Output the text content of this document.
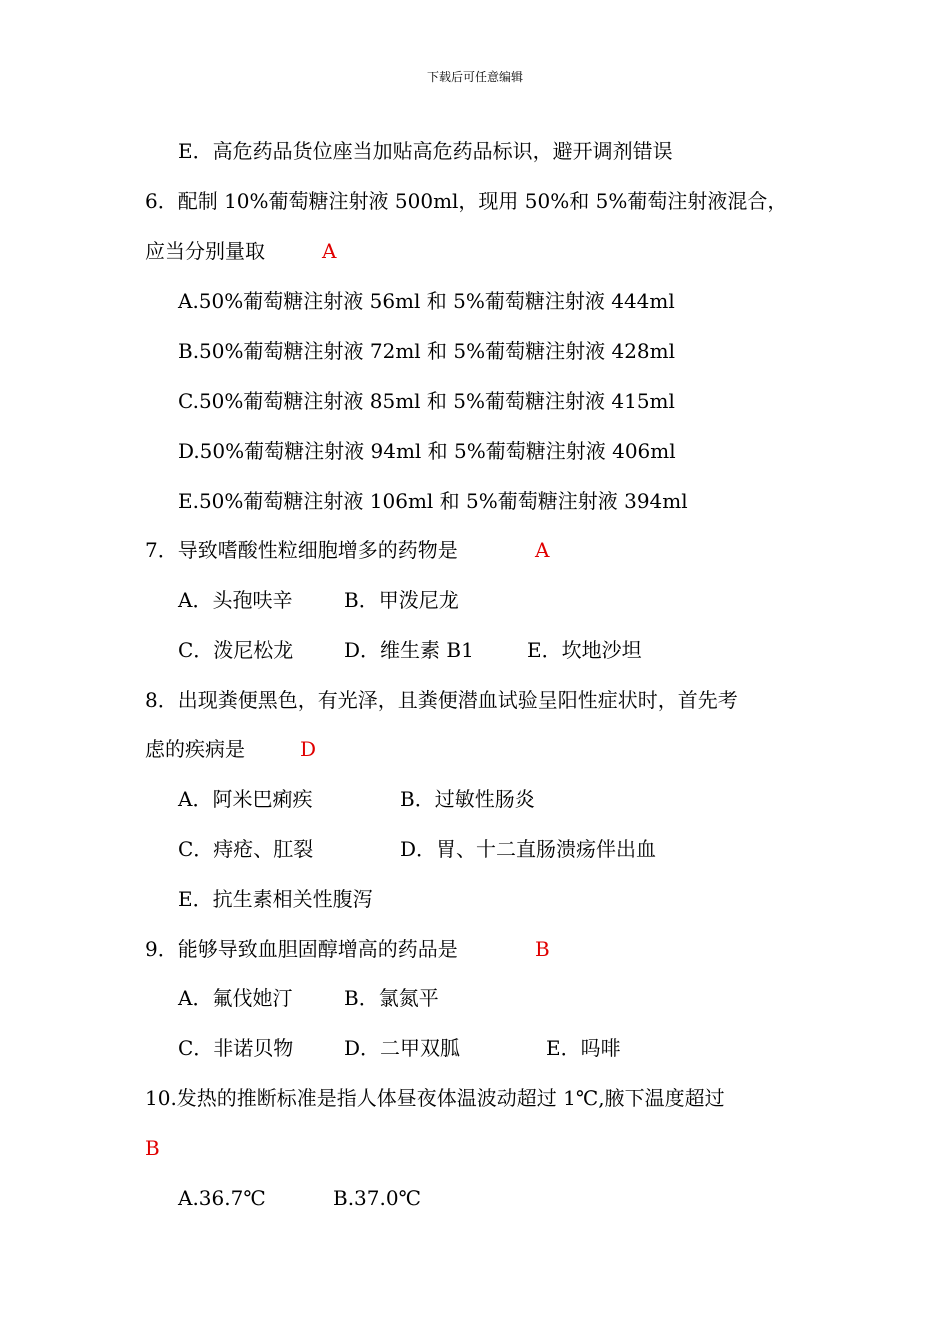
下载后可任意编辑
E．高危药品货位座当加贴高危药品标识，避开调剂错误
6．配制 10%葡萄糖注射液 500ml，现用 50%和 5%葡萄注射液混合，
应当分别量取	A
A.50%葡萄糖注射液 56ml 和 5%葡萄糖注射液 444ml
B.50%葡萄糖注射液 72ml 和 5%葡萄糖注射液 428ml
C.50%葡萄糖注射液 85ml 和 5%葡萄糖注射液 415ml
D.50%葡萄糖注射液 94ml 和 5%葡萄糖注射液 406ml
E.50%葡萄糖注射液 106ml 和 5%葡萄糖注射液 394ml
7．导致嗜酸性粒细胞增多的药物是	A
A．头孢呋辛	B．甲泼尼龙
C．泼尼松龙	D．维生素 B1	E．坎地沙坦
8．出现粪便黑色，有光泽，且粪便潜血试验呈阳性症状时，首先考
虑的疾病是	D
A．阿米巴痢疾	B．过敏性肠炎
C．痔疮、肛裂	D．胃、十二直肠溃疡伴出血
E．抗生素相关性腹泻
9．能够导致血胆固醇增高的药品是	B
A．氟伐她汀	B．氯氮平
C．非诺贝物	D．二甲双胍	E．吗啡
10.发热的推断标准是指人体昼夜体温波动超过 1℃,腋下温度超过
B
A.36.7℃	B.37.0℃
